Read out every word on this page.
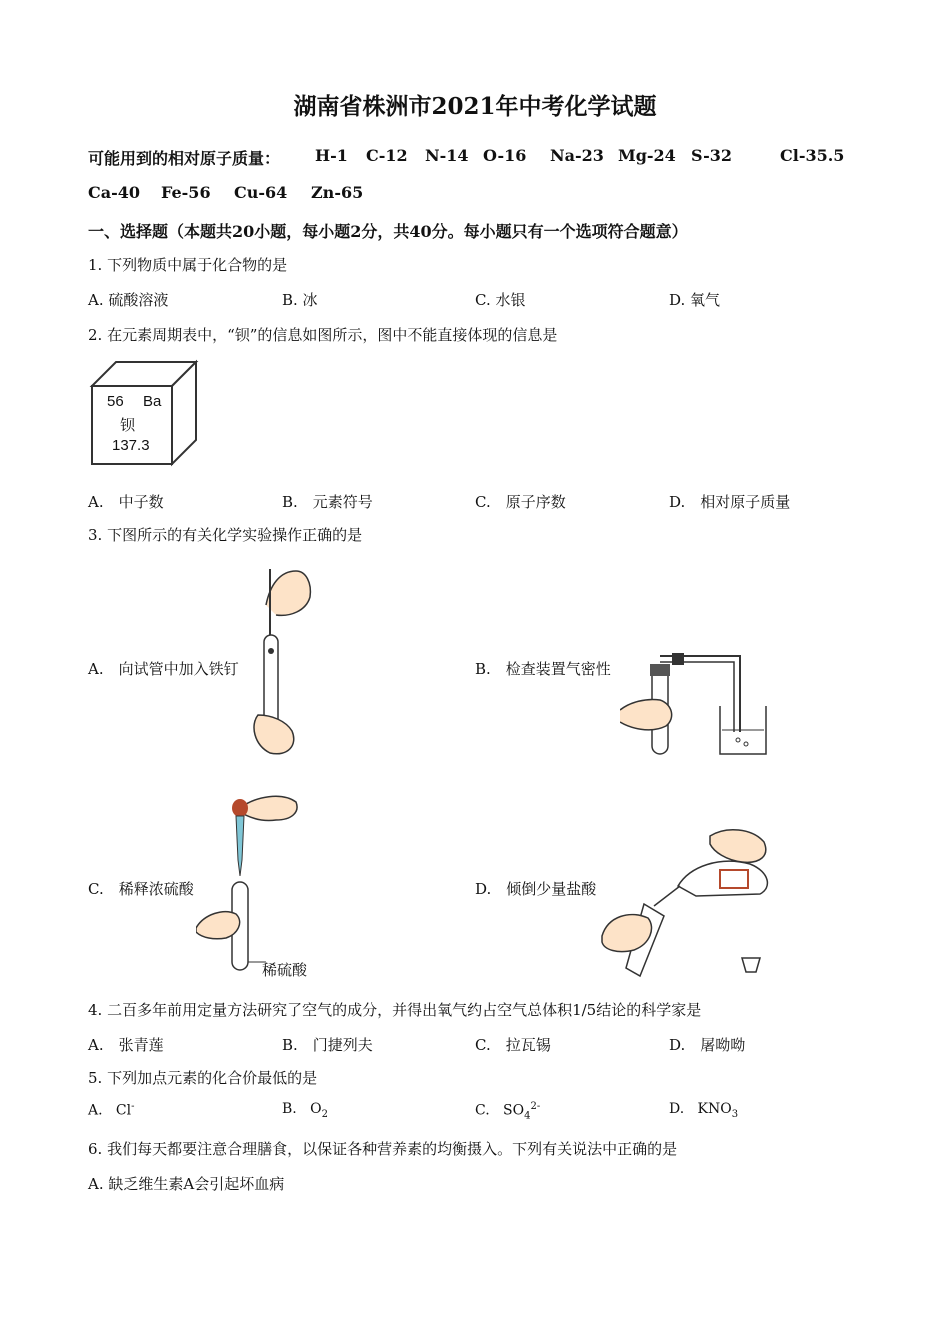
湖南省株洲市2021年中考化学试题
可能用到的相对原子质量： H-1 C-12 N-14 O-16 Na-23 Mg-24 S-32	Cl-35.5
Ca-40 Fe-56 Cu-64 Zn-65
一、选择题（本题共20小题，每小题2分，共40分。每小题只有一个选项符合题意）
1. 下列物质中属于化合物的是
A. 硫酸溶液	B. 冰	C. 水银	D. 氧气
2. 在元素周期表中，“钡”的信息如图所示，图中不能直接体现的信息是
56 Ba
钡
137.3
A.　中子数	B.　元素符号	C.　原子序数	D.　相对原子质量
3. 下图所示的有关化学实验操作正确的是
A.　向试管中加入铁钉	B.　检查装置气密性
稀硫酸
C.　稀释浓硫酸	D.　倾倒少量盐酸
4. 二百多年前用定量方法研究了空气的成分，并得出氧气约占空气总体积1/5结论的科学家是
A.　张青莲	B.　门捷列夫	C.　拉瓦锡	D.　屠呦呦
5. 下列加点元素的化合价最低的是
A. Cl-	B. $O_2$	C. $SO_4^{2-}$	D. $KNO_3$
6. 我们每天都要注意合理膳食，以保证各种营养素的均衡摄入。下列有关说法中正确的是
A. 缺乏维生素A会引起坏血病
